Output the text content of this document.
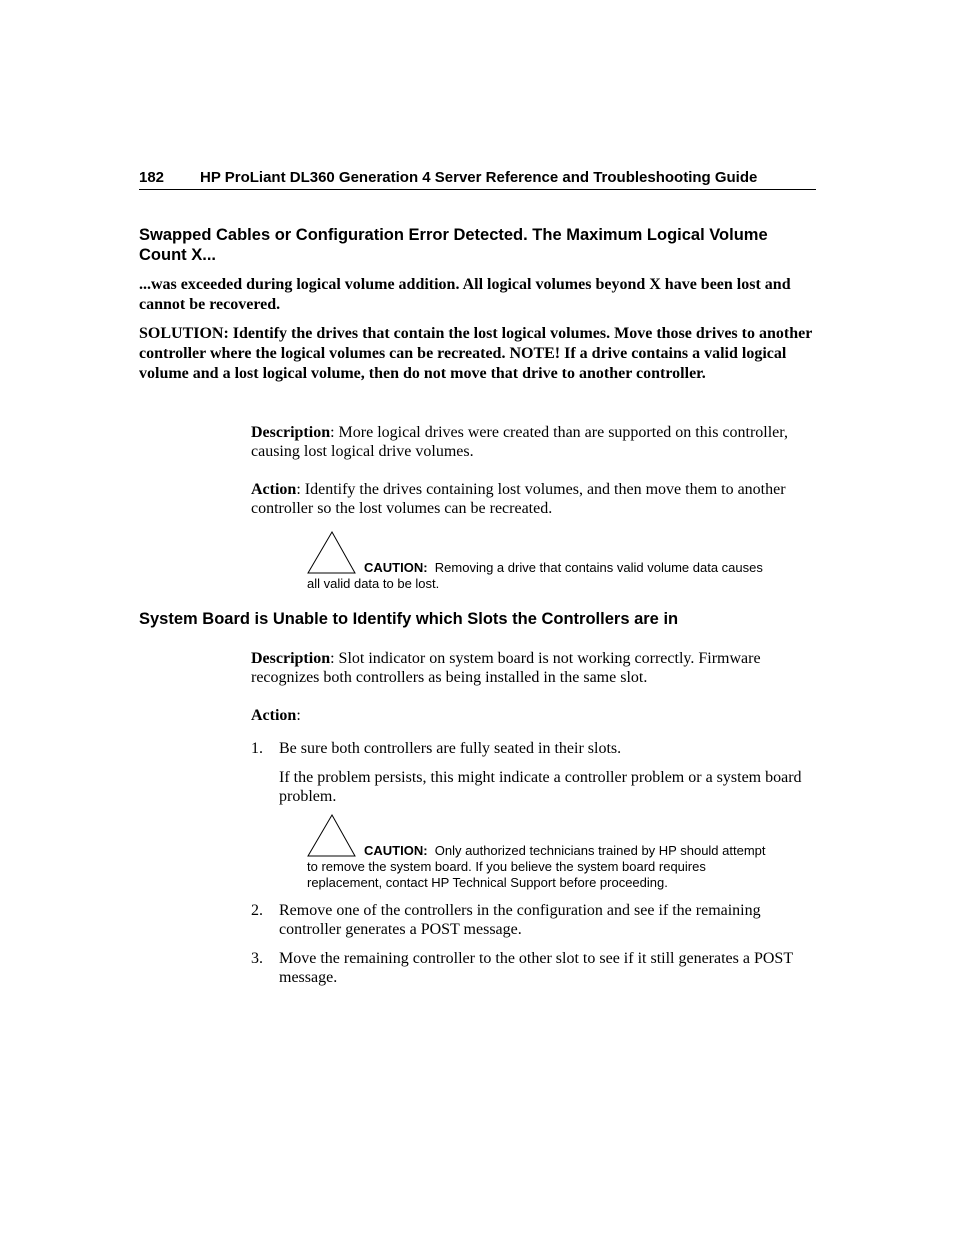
182 HP ProLiant DL360 Generation 4 Server Reference and Troubleshooting Guide

Swapped Cables or Configuration Error Detected. The Maximum Logical Volume Count X...

...was exceeded during logical volume addition. All logical volumes beyond X have been lost and cannot be recovered.

SOLUTION: Identify the drives that contain the lost logical volumes. Move those drives to another controller where the logical volumes can be recreated. NOTE! If a drive contains a valid logical volume and a lost logical volume, then do not move that drive to another controller.

Description: More logical drives were created than are supported on this controller, causing lost logical drive volumes.

Action: Identify the drives containing lost volumes, and then move them to another controller so the lost volumes can be recreated.

CAUTION: Removing a drive that contains valid volume data causes all valid data to be lost.

System Board is Unable to Identify which Slots the Controllers are in

Description: Slot indicator on system board is not working correctly. Firmware recognizes both controllers as being installed in the same slot.

Action:

1. Be sure both controllers are fully seated in their slots.

If the problem persists, this might indicate a controller problem or a system board problem.

CAUTION: Only authorized technicians trained by HP should attempt to remove the system board. If you believe the system board requires replacement, contact HP Technical Support before proceeding.
2. Remove one of the controllers in the configuration and see if the remaining controller generates a POST message.

3. Move the remaining controller to the other slot to see if it still generates a POST message.
